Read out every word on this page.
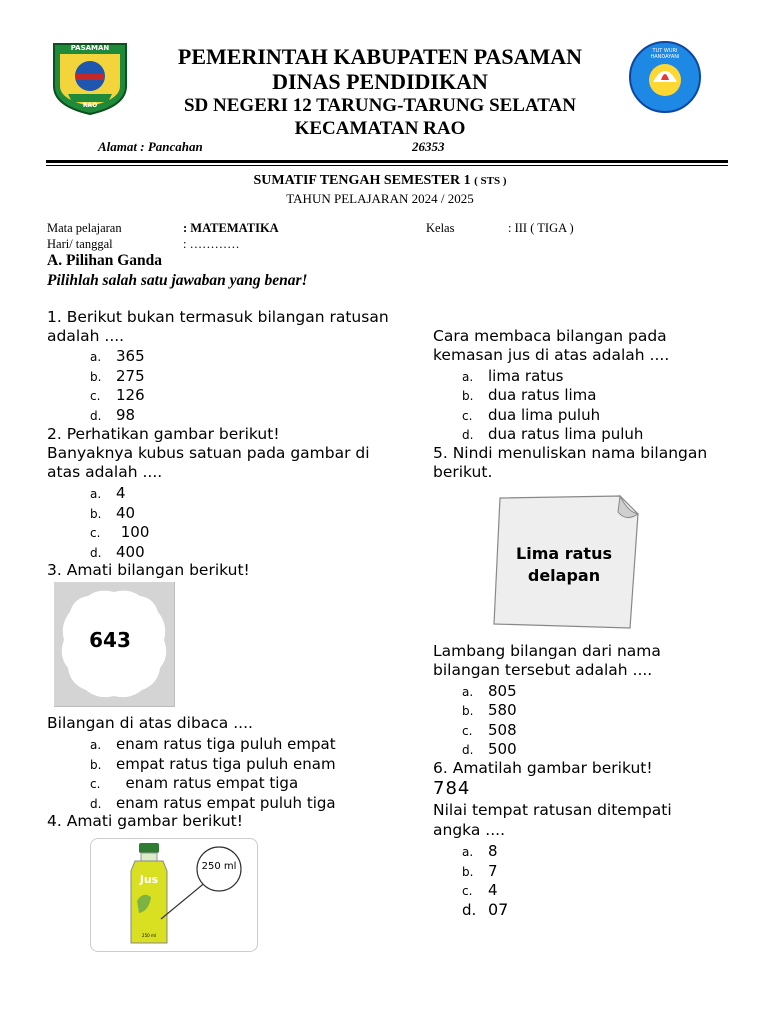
PASAMAN
RAO
TUT WURI HANDAYANI
PEMERINTAH KABUPATEN PASAMAN
DINAS PENDIDIKAN
SD NEGERI 12 TARUNG-TARUNG SELATAN
KECAMATAN RAO
Alamat : Pancahan	26353
SUMATIF TENGAH SEMESTER 1 ( STS )
TAHUN PELAJARAN 2024 / 2025
Mata pelajaran	: MATEMATIKA	Kelas	: III ( TIGA )
Hari/ tanggal	: …………
A. Pilihan Ganda
Pilihlah salah satu jawaban yang benar!
1. Berikut bukan termasuk bilangan ratusan
adalah ....
a. 365
b. 275
c. 126
d. 98
2. Perhatikan gambar berikut!
Banyaknya kubus satuan pada gambar di
atas adalah ....
a. 4
b. 40
c. 100
d. 400
3. Amati bilangan berikut!
643
Bilangan di atas dibaca ....
a. enam ratus tiga puluh empat
b. empat ratus tiga puluh enam
c.  enam ratus empat tiga
d. enam ratus empat puluh tiga
4. Amati gambar berikut!
Jus
250 ml
250 ml
Cara membaca bilangan pada
kemasan jus di atas adalah ....
a. lima ratus
b. dua ratus lima
c. dua lima puluh
d. dua ratus lima puluh
5. Nindi menuliskan nama bilangan
berikut.
Lima ratus
delapan
Lambang bilangan dari nama
bilangan tersebut adalah ....
a. 805
b. 580
c. 508
d. 500
6. Amatilah gambar berikut!
784
Nilai tempat ratusan ditempati
angka ....
a. 8
b. 7
c. 4
d. 07
